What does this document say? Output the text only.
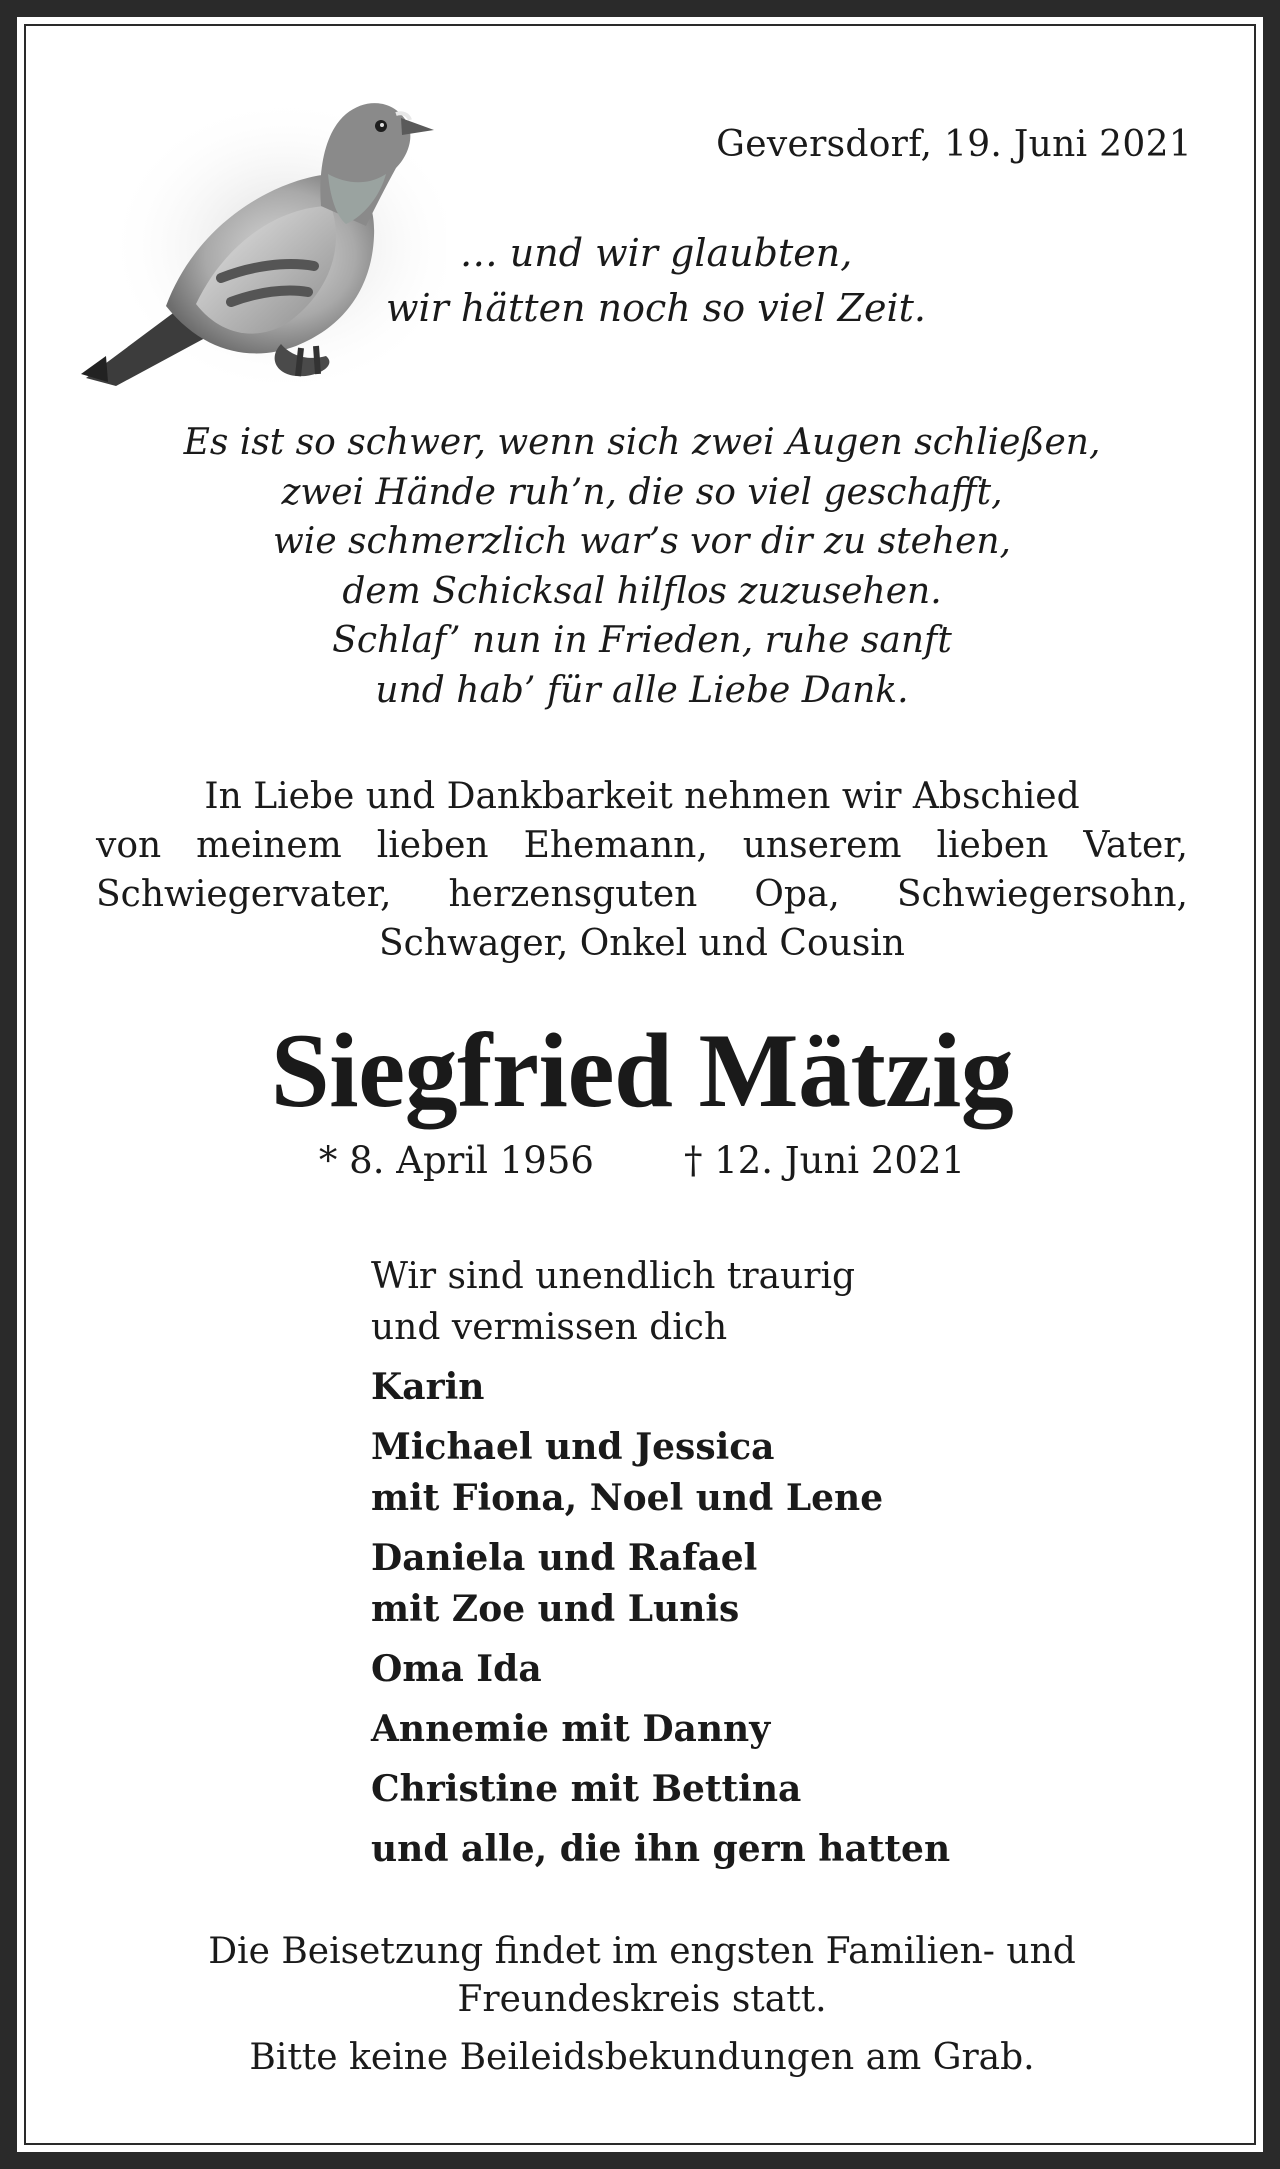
Geversdorf, 19. Juni 2021
… und wir glaubten,
wir hätten noch so viel Zeit.
Es ist so schwer, wenn sich zwei Augen schließen,
zwei Hände ruh’n, die so viel geschafft,
wie schmerzlich war’s vor dir zu stehen,
dem Schicksal hilflos zuzusehen.
Schlaf’ nun in Frieden, ruhe sanft
und hab’ für alle Liebe Dank.
In Liebe und Dankbarkeit nehmen wir Abschied
von meinem lieben Ehemann, unserem lieben Vater,
Schwiegervater, herzensguten Opa, Schwiegersohn,
Schwager, Onkel und Cousin
Siegfried Mätzig
* 8. April 1956 † 12. Juni 2021
Wir sind unendlich traurig
und vermissen dich
Karin
Michael und Jessica
mit Fiona, Noel und Lene
Daniela und Rafael
mit Zoe und Lunis
Oma Ida
Annemie mit Danny
Christine mit Bettina
und alle, die ihn gern hatten
Die Beisetzung findet im engsten Familien- und
Freundeskreis statt.
Bitte keine Beileidsbekundungen am Grab.
